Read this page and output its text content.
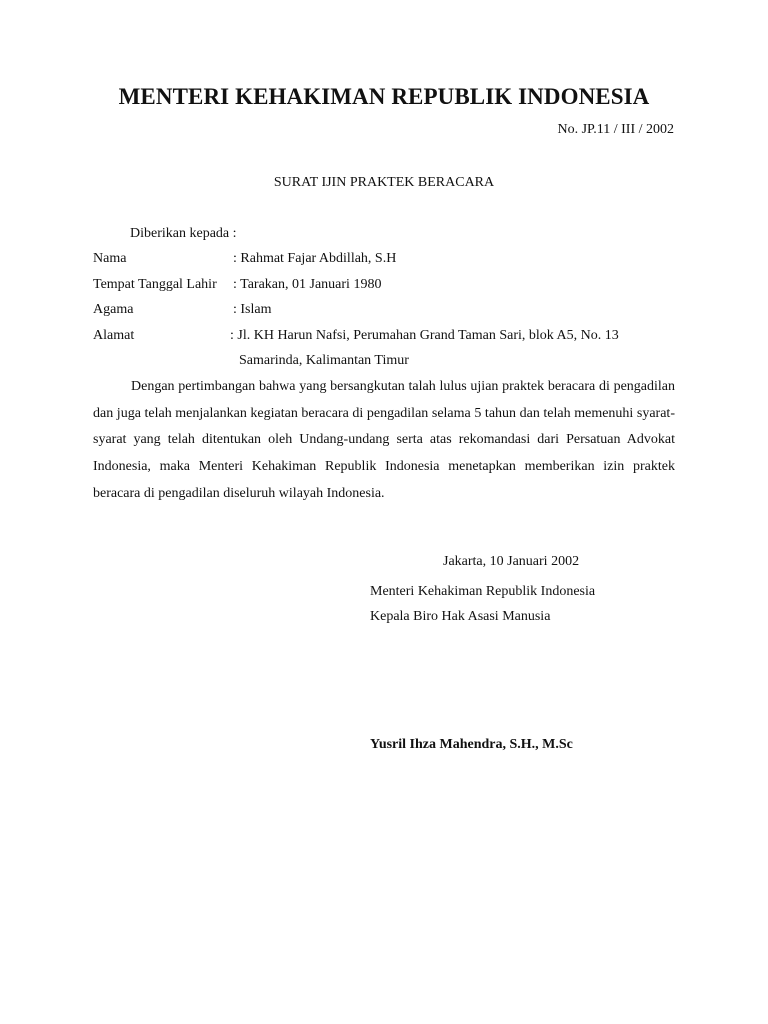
MENTERI KEHAKIMAN REPUBLIK INDONESIA
No. JP.11 / III / 2002
SURAT IJIN PRAKTEK BERACARA
Diberikan kepada :
Nama	: Rahmat Fajar Abdillah, S.H
Tempat Tanggal Lahir : Tarakan, 01 Januari 1980
Agama	: Islam
Alamat	: Jl. KH Harun Nafsi, Perumahan Grand Taman Sari, blok A5, No. 13
Samarinda, Kalimantan Timur
Dengan pertimbangan bahwa yang bersangkutan talah lulus ujian praktek beracara di pengadilan dan juga telah menjalankan kegiatan beracara di pengadilan selama 5 tahun dan telah memenuhi syarat-syarat yang telah ditentukan oleh Undang-undang serta atas rekomandasi dari Persatuan Advokat Indonesia, maka Menteri Kehakiman Republik Indonesia menetapkan memberikan izin praktek beracara di pengadilan diseluruh wilayah Indonesia.
Jakarta, 10 Januari 2002
Menteri Kehakiman Republik Indonesia
Kepala Biro Hak Asasi Manusia
Yusril Ihza Mahendra, S.H., M.Sc
